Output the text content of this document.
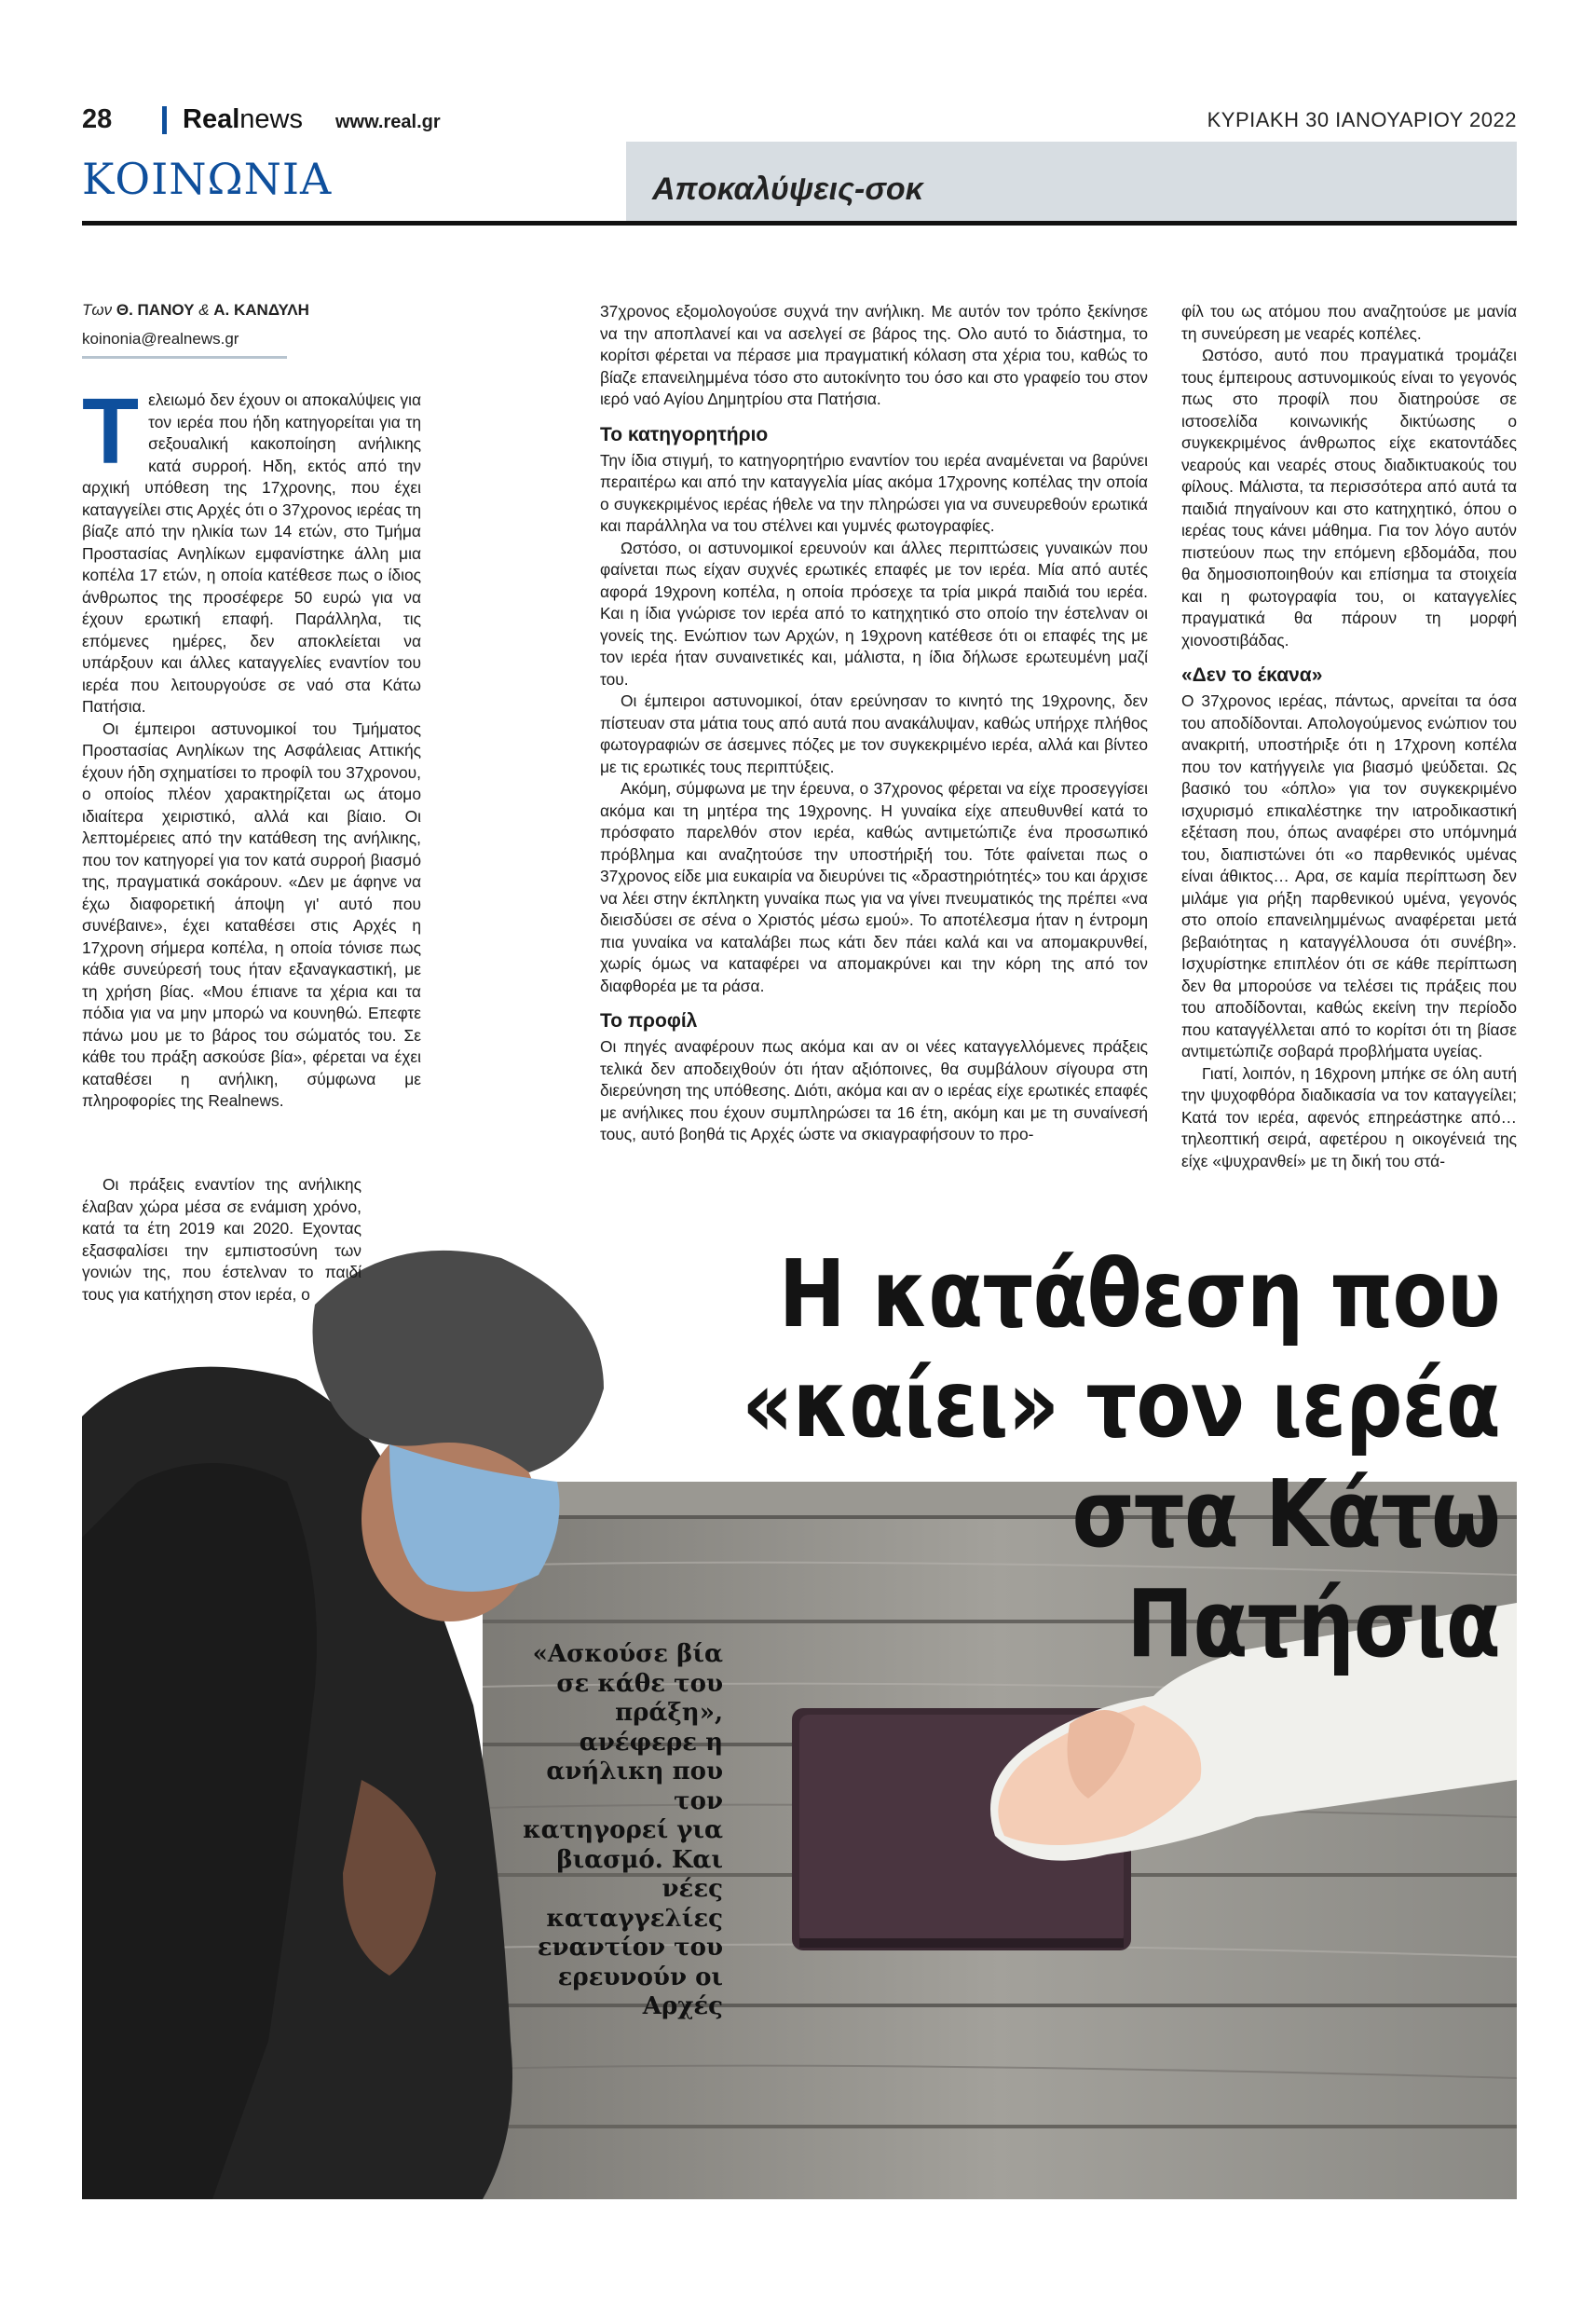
28	Realnews www.real.gr	ΚΥΡΙΑΚΗ 30 ΙΑΝΟΥΑΡΙΟΥ 2022
ΚΟΙΝΩΝΙΑ	Αποκαλύψεις-σοκ
Των Θ. ΠΑΝΟΥ & Α. ΚΑΝΔΥΛΗ
koinonia@realnews.gr

Τελειωμό δεν έχουν οι αποκαλύψεις για τον ιερέα που ήδη κατηγορείται για τη σεξουαλική κακοποίηση ανήλικης κατά συρροή. Ηδη, εκτός από την αρχική υπόθεση της 17χρονης, που έχει καταγγείλει στις Αρχές ότι ο 37χρονος ιερέας τη βίαζε από την ηλικία των 14 ετών, στο Τμήμα Προστασίας Ανηλίκων εμφανίστηκε άλλη μια κοπέλα 17 ετών, η οποία κατέθεσε πως ο ίδιος άνθρωπος της προσέφερε 50 ευρώ για να έχουν ερωτική επαφή. Παράλληλα, τις επόμενες ημέρες, δεν αποκλείεται να υπάρξουν και άλλες καταγγελίες εναντίον του ιερέα που λειτουργούσε σε ναό στα Κάτω Πατήσια.

Οι έμπειροι αστυνομικοί του Τμήματος Προστασίας Ανηλίκων της Ασφάλειας Αττικής έχουν ήδη σχηματίσει το προφίλ του 37χρονου, ο οποίος πλέον χαρακτηρίζεται ως άτομο ιδιαίτερα χειριστικό, αλλά και βίαιο. Οι λεπτομέρειες από την κατάθεση της ανήλικης, που τον κατηγορεί για τον κατά συρροή βιασμό της, πραγματικά σοκάρουν. «Δεν με άφηνε να έχω διαφορετική άποψη γι' αυτό που συνέβαινε», έχει καταθέσει στις Αρχές η 17χρονη σήμερα κοπέλα, η οποία τόνισε πως κάθε συνεύρεσή τους ήταν εξαναγκαστική, με τη χρήση βίας. «Μου έπιανε τα χέρια και τα πόδια για να μην μπορώ να κουνηθώ. Επεφτε πάνω μου με το βάρος του σώματός του. Σε κάθε του πράξη ασκούσε βία», φέρεται να έχει καταθέσει η ανήλικη, σύμφωνα με πληροφορίες της Realnews.

Οι πράξεις εναντίον της ανήλικης έλαβαν χώρα μέσα σε ενάμιση χρόνο, κατά τα έτη 2019 και 2020. Εχοντας εξασφαλίσει την εμπιστοσύνη των γονιών της, που έστελναν το παιδί τους για κατήχηση στον ιερέα, ο

37χρονος εξομολογούσε συχνά την ανήλικη. Με αυτόν τον τρόπο ξεκίνησε να την αποπλανεί και να ασελγεί σε βάρος της. Ολο αυτό το διάστημα, το κορίτσι φέρεται να πέρασε μια πραγματική κόλαση στα χέρια του, καθώς το βίαζε επανειλημμένα τόσο στο αυτοκίνητο του όσο και στο γραφείο του στον ιερό ναό Αγίου Δημητρίου στα Πατήσια.

Το κατηγορητήριο

Την ίδια στιγμή, το κατηγορητήριο εναντίον του ιερέα αναμένεται να βαρύνει περαιτέρω και από την καταγγελία μίας ακόμα 17χρονης κοπέλας την οποία ο συγκεκριμένος ιερέας ήθελε να την πληρώσει για να συνευρεθούν ερωτικά και παράλληλα να του στέλνει και γυμνές φωτογραφίες.

Ωστόσο, οι αστυνομικοί ερευνούν και άλλες περιπτώσεις γυναικών που φαίνεται πως είχαν συχνές ερωτικές επαφές με τον ιερέα. Μία από αυτές αφορά 19χρονη κοπέλα, η οποία πρόσεχε τα τρία μικρά παιδιά του ιερέα. Και η ίδια γνώρισε τον ιερέα από το κατηχητικό στο οποίο την έστελναν οι γονείς της. Ενώπιον των Αρχών, η 19χρονη κατέθεσε ότι οι επαφές της με τον ιερέα ήταν συναινετικές και, μάλιστα, η ίδια δήλωσε ερωτευμένη μαζί του.

Οι έμπειροι αστυνομικοί, όταν ερεύνησαν το κινητό της 19χρονης, δεν πίστευαν στα μάτια τους από αυτά που ανακάλυψαν, καθώς υπήρχε πλήθος φωτογραφιών σε άσεμνες πόζες με τον συγκεκριμένο ιερέα, αλλά και βίντεο με τις ερωτικές τους περιπτύξεις.

Ακόμη, σύμφωνα με την έρευνα, ο 37χρονος φέρεται να είχε προσεγγίσει ακόμα και τη μητέρα της 19χρονης. Η γυναίκα είχε απευθυνθεί κατά το πρόσφατο παρελθόν στον ιερέα, καθώς αντιμετώπιζε ένα προσωπικό πρόβλημα και αναζητούσε την υποστήριξή του. Τότε φαίνεται πως ο 37χρονος είδε μια ευκαιρία να διευρύνει τις «δραστηριότητές» του και άρχισε να λέει στην έκπληκτη γυναίκα πως για να γίνει πνευματικός της πρέπει «να διεισδύσει σε σένα ο Χριστός μέσω εμού». Το αποτέλεσμα ήταν η έντρομη πια γυναίκα να καταλάβει πως κάτι δεν πάει καλά και να απομακρυνθεί, χωρίς όμως να καταφέρει να απομακρύνει και την κόρη της από τον διαφθορέα με τα ράσα.

Το προφίλ

Οι πηγές αναφέρουν πως ακόμα και αν οι νέες καταγγελλόμενες πράξεις τελικά δεν αποδειχθούν ότι ήταν αξιόποινες, θα συμβάλουν σίγουρα στη διερεύνηση της υπόθεσης. Διότι, ακόμα και αν ο ιερέας είχε ερωτικές επαφές με ανήλικες που έχουν συμπληρώσει τα 16 έτη, ακόμη και με τη συναίνεσή τους, αυτό βοηθά τις Αρχές ώστε να σκιαγραφήσουν το προ-

φίλ του ως ατόμου που αναζητούσε με μανία τη συνεύρεση με νεαρές κοπέλες.

Ωστόσο, αυτό που πραγματικά τρομάζει τους έμπειρους αστυνομικούς είναι το γεγονός πως στο προφίλ που διατηρούσε σε ιστοσελίδα κοινωνικής δικτύωσης ο συγκεκριμένος άνθρωπος είχε εκατοντάδες νεαρούς και νεαρές στους διαδικτυακούς του φίλους. Μάλιστα, τα περισσότερα από αυτά τα παιδιά πηγαίνουν και στο κατηχητικό, όπου ο ιερέας τους κάνει μάθημα. Για τον λόγο αυτόν πιστεύουν πως την επόμενη εβδομάδα, που θα δημοσιοποιηθούν και επίσημα τα στοιχεία και η φωτογραφία του, οι καταγγελίες πραγματικά θα πάρουν τη μορφή χιονοστιβάδας.

«Δεν το έκανα»

Ο 37χρονος ιερέας, πάντως, αρνείται τα όσα του αποδίδονται. Απολογούμενος ενώπιον του ανακριτή, υποστήριξε ότι η 17χρονη κοπέλα που τον κατήγγειλε για βιασμό ψεύδεται. Ως βασικό του «όπλο» για τον συγκεκριμένο ισχυρισμό επικαλέστηκε την ιατροδικαστική εξέταση που, όπως αναφέρει στο υπόμνημά του, διαπιστώνει ότι «ο παρθενικός υμένας είναι άθικτος… Αρα, σε καμία περίπτωση δεν μιλάμε για ρήξη παρθενικού υμένα, γεγονός στο οποίο επανειλημμένως αναφέρεται μετά βεβαιότητας η καταγγέλλουσα ότι συνέβη». Ισχυρίστηκε επιπλέον ότι σε κάθε περίπτωση δεν θα μπορούσε να τελέσει τις πράξεις που του αποδίδονται, καθώς εκείνη την περίοδο που καταγγέλλεται από το κορίτσι ότι τη βίασε αντιμετώπιζε σοβαρά προβλήματα υγείας.

Γιατί, λοιπόν, η 16χρονη μπήκε σε όλη αυτή την ψυχοφθόρα διαδικασία να τον καταγγείλει; Κατά τον ιερέα, αφενός επηρεάστηκε από… τηλεοπτική σειρά, αφετέρου η οικογένειά της είχε «ψυχρανθεί» με τη δική του στά-

Η κατάθεση που
«καίει» τον ιερέα
στα Κάτω Πατήσια
«Ασκούσε βία σε κάθε του πράξη», ανέφερε η ανήλικη που τον κατηγορεί για βιασμό. Και νέες καταγγελίες εναντίον του ερευνούν οι Αρχές
